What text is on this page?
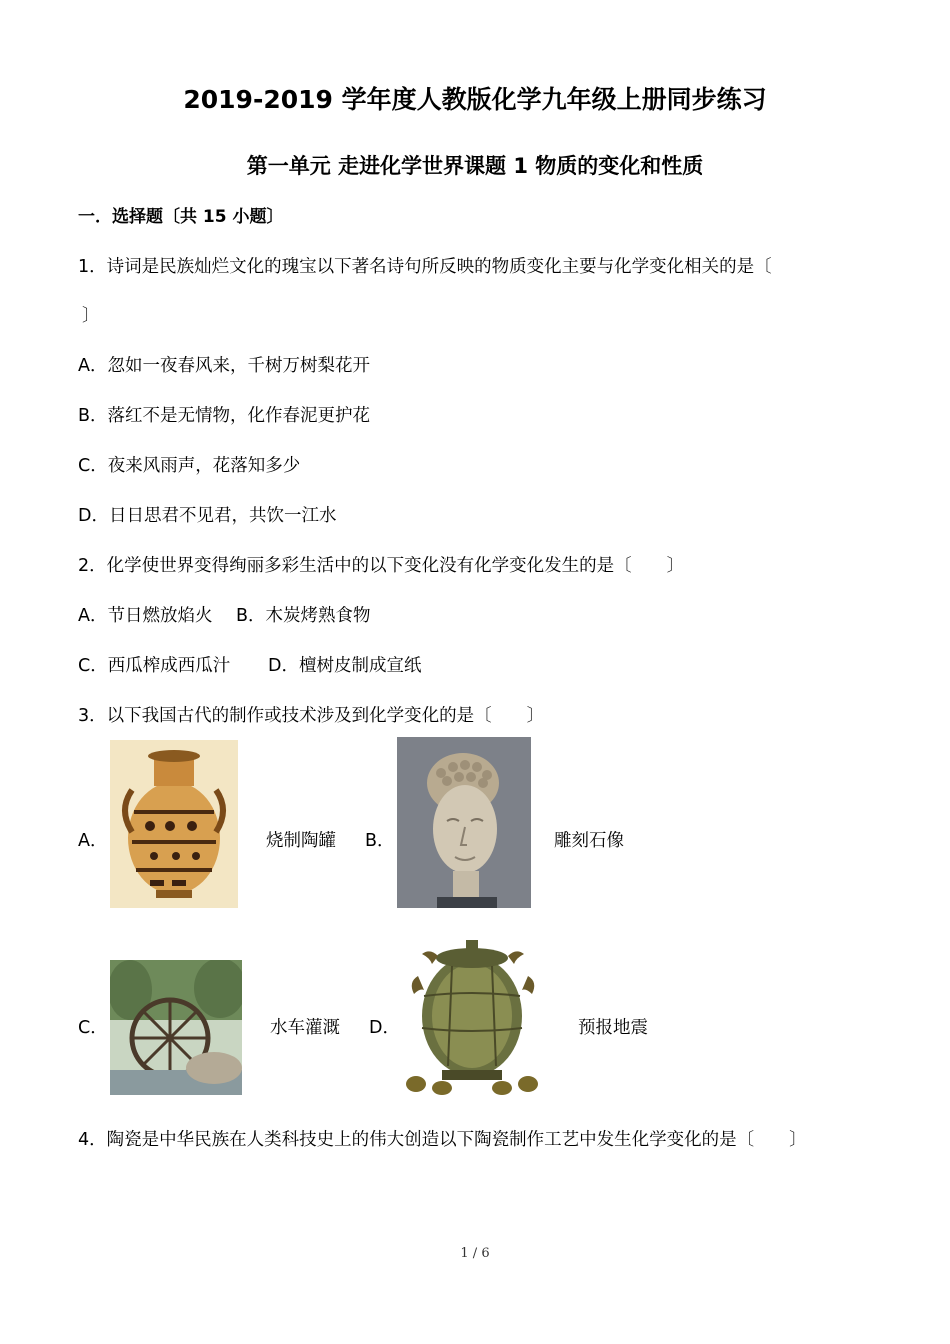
2019-2019 学年度人教版化学九年级上册同步练习
第一单元 走进化学世界课题 1 物质的变化和性质
一．选择题〔共 15 小题〕
1．诗词是民族灿烂文化的瑰宝以下著名诗句所反映的物质变化主要与化学变化相关的是〔
〕
A．忽如一夜春风来，千树万树梨花开
B．落红不是无情物，化作春泥更护花
C．夜来风雨声，花落知多少
D．日日思君不见君，共饮一江水
2．化学使世界变得绚丽多彩生活中的以下变化没有化学变化发生的是〔　　〕
A．节日燃放焰火 B．木炭烤熟食物
C．西瓜榨成西瓜汁 D．檀树皮制成宣纸
3．以下我国古代的制作或技术涉及到化学变化的是〔　　〕
A．	烧制陶罐 B．	雕刻石像
C．	水车灌溉 D．	预报地震
4．陶瓷是中华民族在人类科技史上的伟大创造以下陶瓷制作工艺中发生化学变化的是〔　　〕
1 / 6
